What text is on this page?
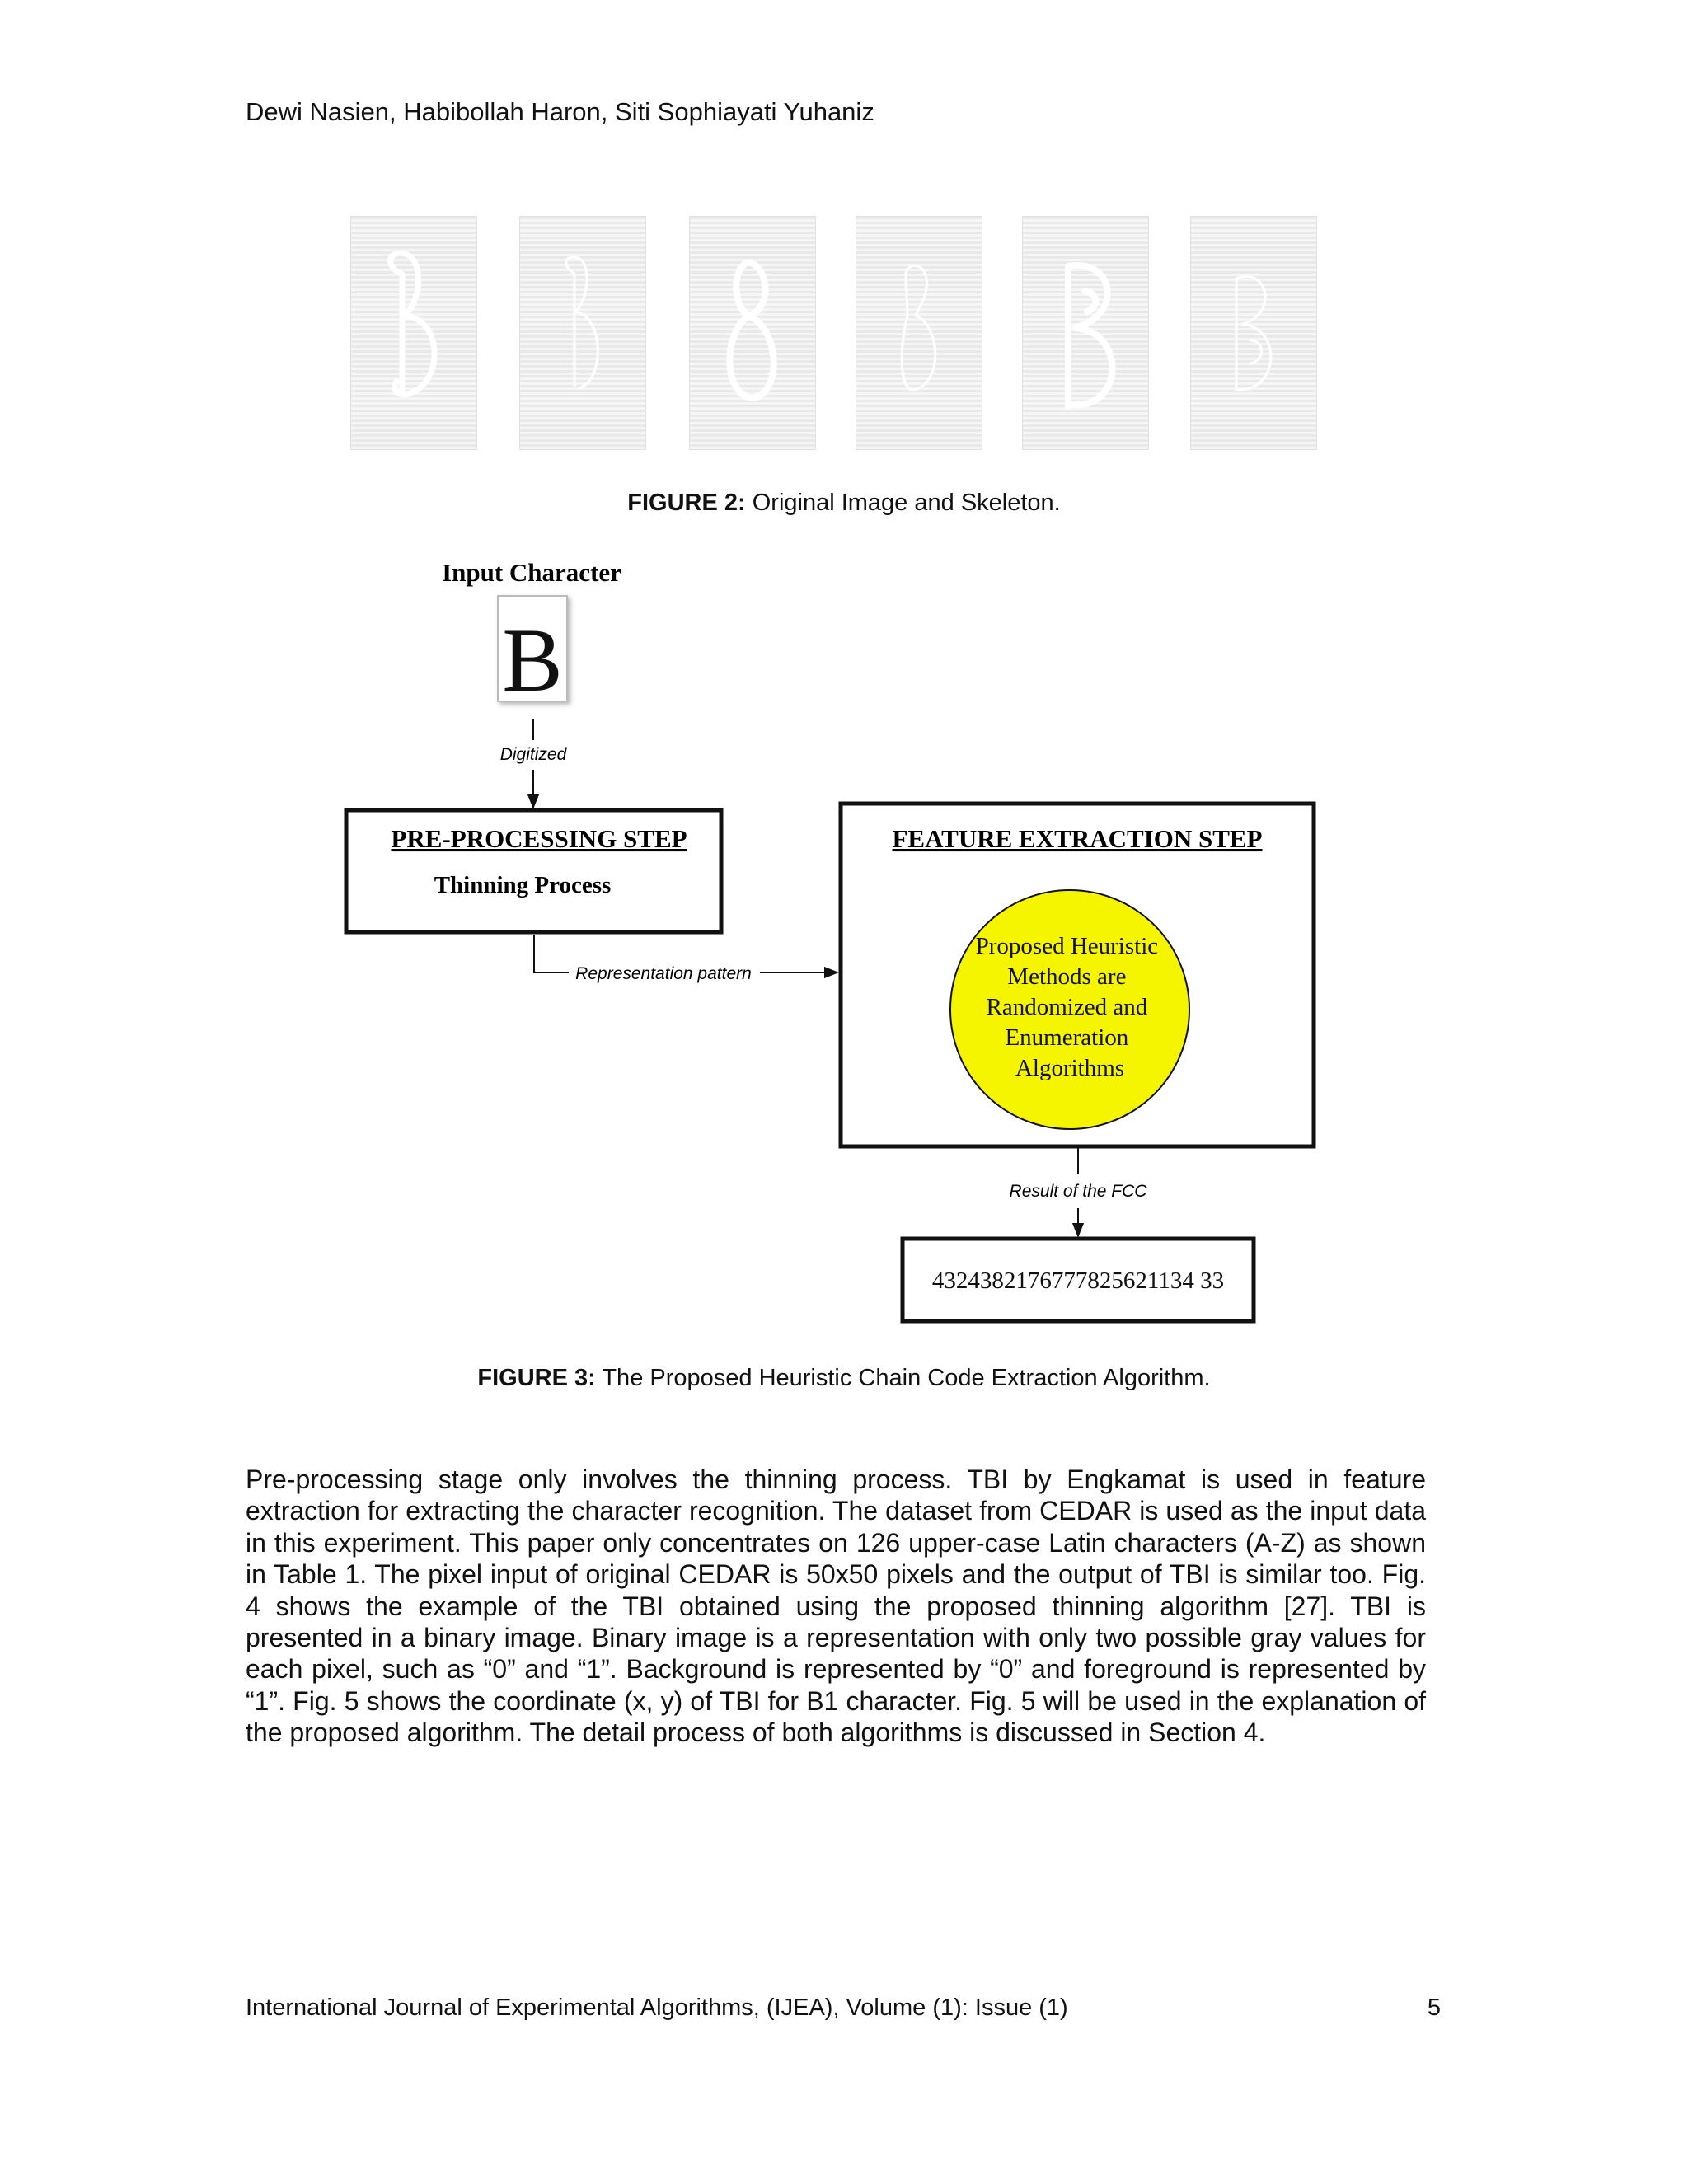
Dewi Nasien, Habibollah Haron, Siti Sophiayati Yuhaniz
FIGURE 2: Original Image and Skeleton.
Input Character
B
Digitized
PRE-PROCESSING STEP
Thinning Process
Representation pattern
FEATURE EXTRACTION STEP
Proposed Heuristic Methods are Randomized and Enumeration Algorithms
Result of the FCC
4324382176777825621134 33
FIGURE 3: The Proposed Heuristic Chain Code Extraction Algorithm.
Pre-processing stage only involves the thinning process. TBI by Engkamat is used in feature extraction for extracting the character recognition. The dataset from CEDAR is used as the input data in this experiment. This paper only concentrates on 126 upper-case Latin characters (A-Z) as shown in Table 1. The pixel input of original CEDAR is 50x50 pixels and the output of TBI is similar too. Fig. 4 shows the example of the TBI obtained using the proposed thinning algorithm [27]. TBI is presented in a binary image. Binary image is a representation with only two possible gray values for each pixel, such as “0” and “1”. Background is represented by “0” and foreground is represented by “1”. Fig. 5 shows the coordinate (x, y) of TBI for B1 character. Fig. 5 will be used in the explanation of the proposed algorithm. The detail process of both algorithms is discussed in Section 4.
International Journal of Experimental Algorithms, (IJEA), Volume (1): Issue (1)	5
